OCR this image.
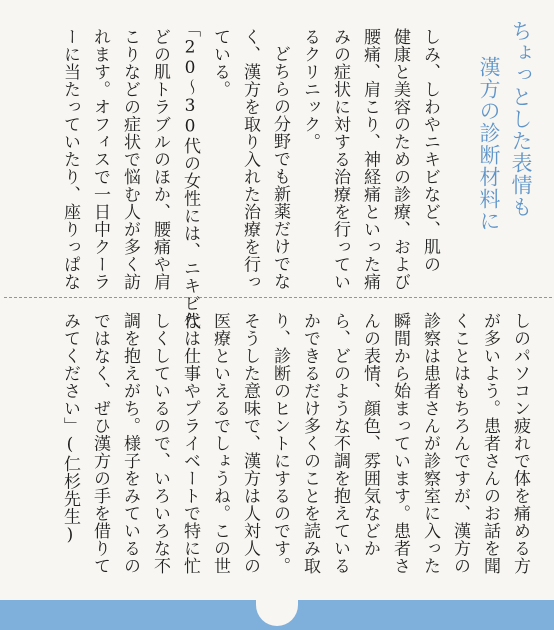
ちょっとした表情も
漢方の診断材料に
しみ、しわやニキビなど、肌の
健康と美容のための診療、および
腰痛、肩こり、神経痛といった痛
みの症状に対する治療を行ってい
るクリニック。
どちらの分野でも新薬だけでな
く、漢方を取り入れた治療を行っ
ている。
「20～30代の女性には、ニキビな
どの肌トラブルのほか、腰痛や肩
こりなどの症状で悩む人が多く訪
れます。オフィスで一日中クーラ
ーに当たっていたり、座りっぱな
しのパソコン疲れで体を痛める方
が多いよう。患者さんのお話を聞
くことはもちろんですが、漢方の
診察は患者さんが診察室に入った
瞬間から始まっています。患者さ
んの表情、顔色、雰囲気などか
ら、どのような不調を抱えている
かできるだけ多くのことを読み取
り、診断のヒントにするのです。
そうした意味で、漢方は人対人の
医療といえるでしょうね。この世
代は仕事やプライベートで特に忙
しくしているので、いろいろな不
調を抱えがち。様子をみているの
ではなく、ぜひ漢方の手を借りて
みてください」(仁杉先生)
